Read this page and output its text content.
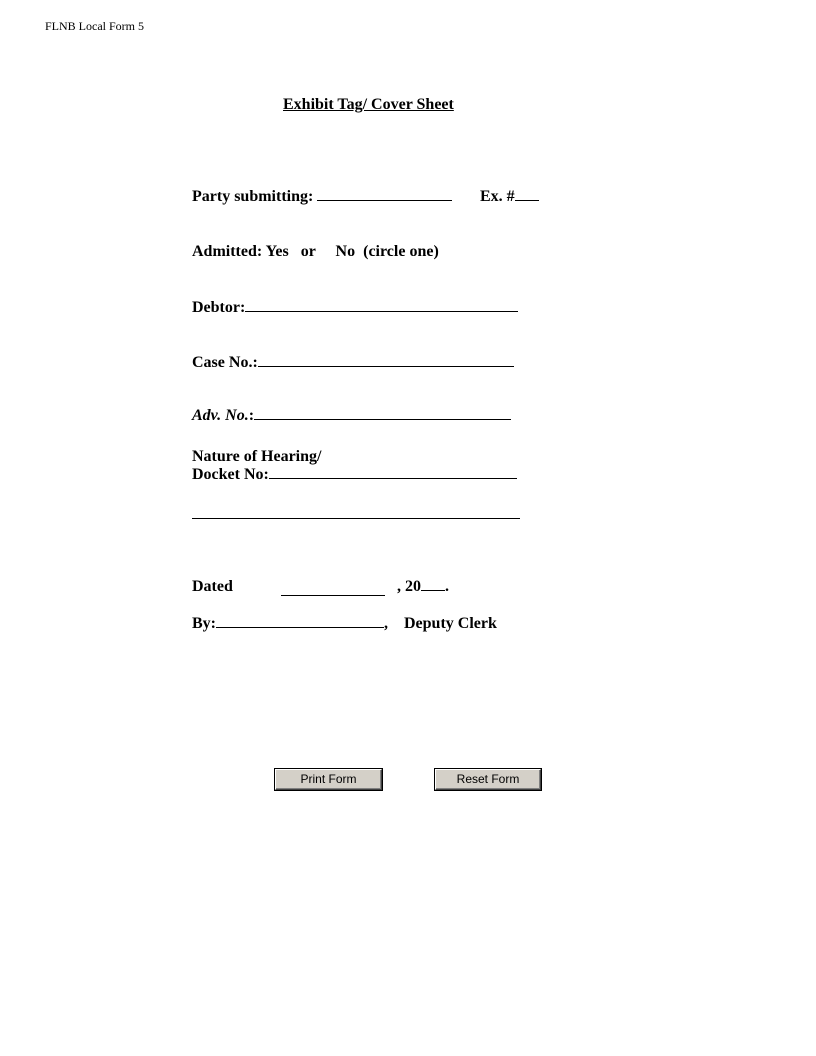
FLNB Local Form 5
Exhibit Tag/ Cover Sheet
Party submitting:	Ex. #
Admitted: Yes or No (circle one)
Debtor:
Case No.:
Adv. No.:
Nature of Hearing/
Docket No:
Dated	, 20 .
By:	, Deputy Clerk
Print Form	Reset Form
